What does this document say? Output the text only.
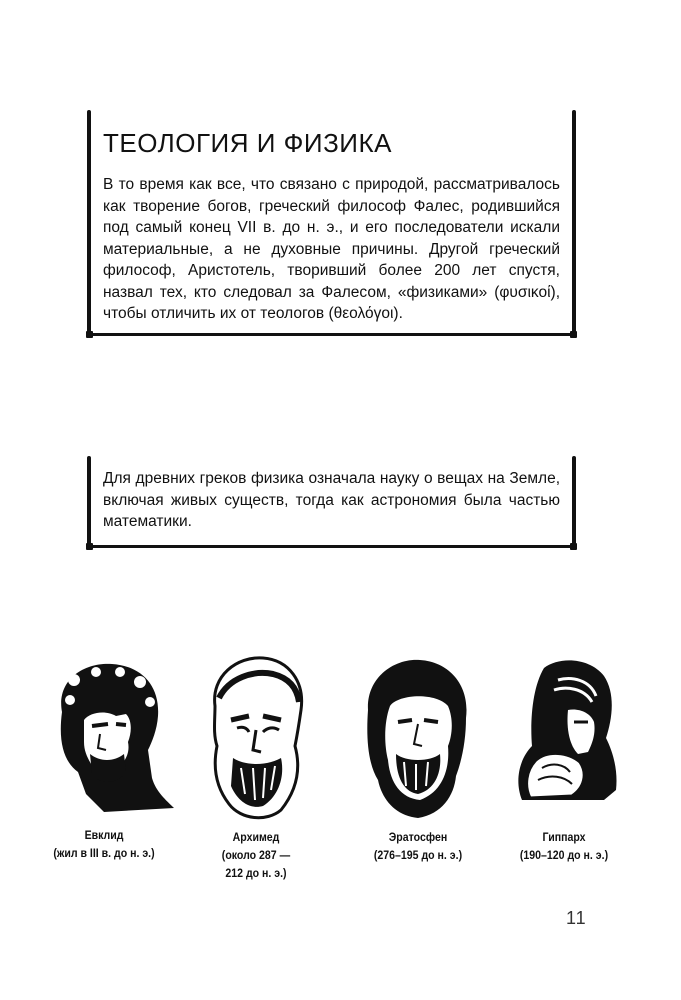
ТЕОЛОГИЯ И ФИЗИКА

В то время как все, что связано с природой, рассматривалось как творение богов, греческий философ Фалес, родившийся под самый конец VII в. до н. э., и его последователи искали материальные, а не духовные причины. Другой греческий философ, Аристотель, творивший более 200 лет спустя, назвал тех, кто следовал за Фалесом, «физиками» (φυσικοί), чтобы отличить их от теологов (θεολόγοι).

Для древних греков физика означала науку о вещах на Земле, включая живых существ, тогда как астрономия была частью математики.

Евклид
(жил в III в. до н. э.)
Архимед
(около 287 —
212 до н. э.)
Эратосфен
(276–195 до н. э.)
Гиппарх
(190–120 до н. э.)
11
